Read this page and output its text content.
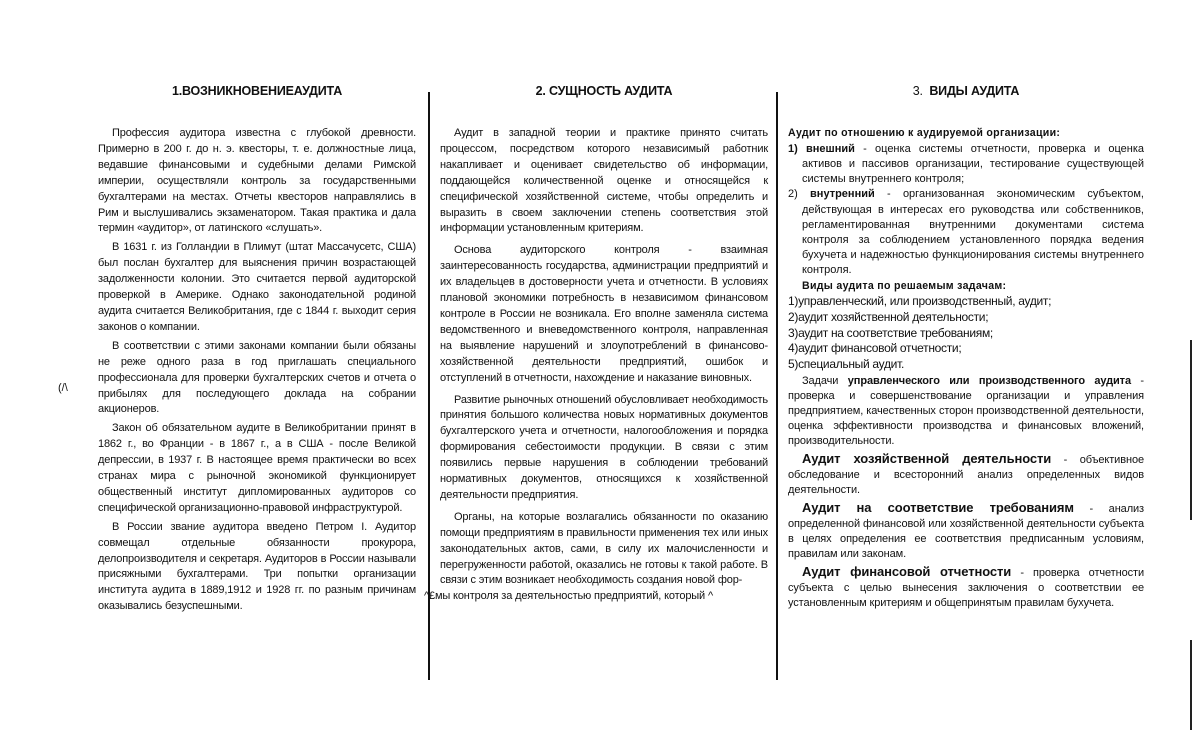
1.ВОЗНИКНОВЕНИЕАУДИТА

Профессия аудитора известна с глубокой древности. Примерно в 200 г. до н. э. квесторы, т. е. должностные лица, ведавшие финансовыми и судебными делами Римской империи, осуществляли контроль за государственными бухгалтерами на местах. Отчеты квесторов направлялись в Рим и выслушивались экзаменатором. Такая практика и дала термин «аудитор», от латинского «слушать».

В 1631 г. из Голландии в Плимут (штат Массачусетс, США) был послан бухгалтер для выяснения причин возрастающей задолженности колонии. Это считается первой аудиторской проверкой в Америке. Однако законодательной родиной аудита считается Великобритания, где с 1844 г. выходит серия законов о компании.

В соответствии с этими законами компании были обязаны не реже одного раза в год приглашать специального профессионала для проверки бухгалтерских счетов и отчета о прибылях для последующего доклада на собрании акционеров.

Закон об обязательном аудите в Великобритании принят в 1862 г., во Франции - в 1867 г., а в США - после Великой депрессии, в 1937 г. В настоящее время практически во всех странах мира с рыночной экономикой функционирует общественный институт дипломированных аудиторов со специфической организационно-правовой инфраструктурой.

В России звание аудитора введено Петром I. Аудитор совмещал отдельные обязанности прокурора, делопроизводителя и секретаря. Аудиторов в России называли присяжными бухгалтерами. Три попытки организации института аудита в 1889,1912 и 1928 гг. по разным причинам оказывались безуспешными.

(/\
2. СУЩНОСТЬ АУДИТА

Аудит в западной теории и практике принято считать процессом, посредством которого независимый работник накапливает и оценивает свидетельство об информации, поддающейся количественной оценке и относящейся к специфической хозяйственной системе, чтобы определить и выразить в своем заключении степень соответствия этой информации установленным критериям.

Основа аудиторского контроля - взаимная заинтересованность государства, администрации предприятий и их владельцев в достоверности учета и отчетности. В условиях плановой экономики потребность в независимом финансовом контроле в России не возникала. Его вполне заменяла система ведомственного и вневедомственного контроля, направленная на выявление нарушений и злоупотреблений в финансово-хозяйственной деятельности предприятий, ошибок и отступлений в отчетности, нахождение и наказание виновных.

Развитие рыночных отношений обусловливает необходимость принятия большого количества новых нормативных документов бухгалтерского учета и отчетности, налогообложения и порядка формирования себестоимости продукции. В связи с этим появились первые нарушения в соблюдении требований нормативных документов, относящихся к хозяйственной деятельности предприятия.

Органы, на которые возлагались обязанности по оказанию помощи предприятиям в правильности применения тех или иных законодательных актов, сами, в силу их малочисленности и перегруженности работой, оказались не готовы к такой работе. В связи с этим возникает необходимость создания новой фор-

^£мы контроля за деятельностью предприятий, который ^

3. ВИДЫ АУДИТА

Аудит по отношению к аудируемой организации:

1) внешний - оценка системы отчетности, проверка и оценка активов и пассивов организации, тестирование существующей системы внутреннего контроля;

2) внутренний - организованная экономическим субъектом, действующая в интересах его руководства или собственников, регламентированная внутренними документами система контроля за соблюдением установленного порядка ведения бухучета и надежностью функционирования системы внутреннего контроля.

Виды аудита по решаемым задачам:

1)управленческий, или производственный, аудит;

2)аудит хозяйственной деятельности;

3)аудит на соответствие требованиям;

4)аудит финансовой отчетности;

5)специальный аудит.

Задачи управленческого или производственного аудита - проверка и совершенствование организации и управления предприятием, качественных сторон производственной деятельности, оценка эффективности производства и финансовых вложений, производительности.

Аудит хозяйственной деятельности - объективное обследование и всесторонний анализ определенных видов деятельности.

Аудит на соответствие требованиям - анализ определенной финансовой или хозяйственной деятельности субъекта в целях определения ее соответствия предписанным условиям, правилам или законам.

Аудит финансовой отчетности - проверка отчетности субъекта с целью вынесения заключения о соответствии ее установленным критериям и общепринятым правилам бухучета.
